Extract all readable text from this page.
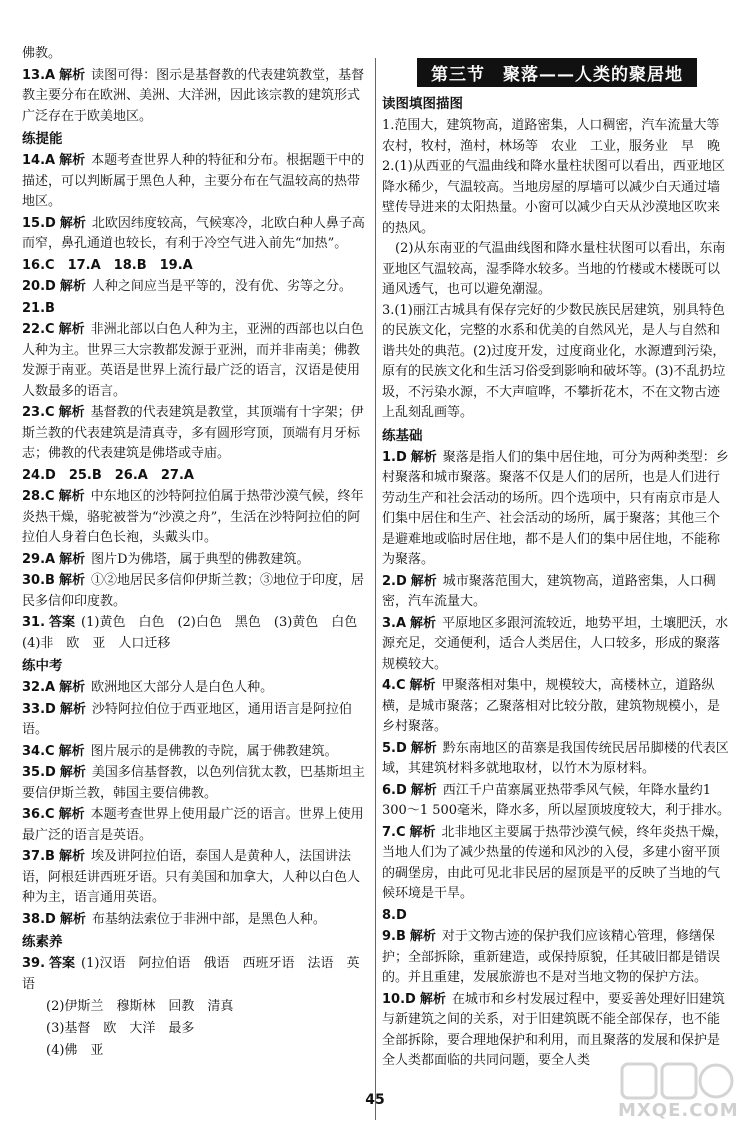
佛教。
13.A 解析 读图可得：图示是基督教的代表建筑教堂，基督教主要分布在欧洲、美洲、大洋洲，因此该宗教的建筑形式广泛存在于欧美地区。
练提能
14.A 解析 本题考查世界人种的特征和分布。根据题干中的描述，可以判断属于黑色人种，主要分布在气温较高的热带地区。
15.D 解析 北欧因纬度较高，气候寒冷，北欧白种人鼻子高而窄，鼻孔通道也较长，有利于冷空气进入前先“加热”。
16.C　17.A　18.B　19.A
20.D 解析 人种之间应当是平等的，没有优、劣等之分。
21.B
22.C 解析 非洲北部以白色人种为主，亚洲的西部也以白色人种为主。世界三大宗教都发源于亚洲，而并非南美；佛教发源于南亚。英语是世界上流行最广泛的语言，汉语是使用人数最多的语言。
23.C 解析 基督教的代表建筑是教堂，其顶端有十字架；伊斯兰教的代表建筑是清真寺，多有圆形穹顶，顶端有月牙标志；佛教的代表建筑是佛塔或寺庙。
24.D　25.B　26.A　27.A
28.C 解析 中东地区的沙特阿拉伯属于热带沙漠气候，终年炎热干燥，骆驼被誉为“沙漠之舟”，生活在沙特阿拉伯的阿拉伯人身着白色长袍，头戴头巾。
29.A 解析 图片D为佛塔，属于典型的佛教建筑。
30.B 解析 ①②地居民多信仰伊斯兰教；③地位于印度，居民多信仰印度教。
31. 答案 (1)黄色　白色　(2)白色　黑色　(3)黄色　白色　(4)非　欧　亚　人口迁移
练中考
32.A 解析 欧洲地区大部分人是白色人种。
33.D 解析 沙特阿拉伯位于西亚地区，通用语言是阿拉伯语。
34.C 解析 图片展示的是佛教的寺院，属于佛教建筑。
35.D 解析 美国多信基督教，以色列信犹太教，巴基斯坦主要信伊斯兰教，韩国主要信佛教。
36.C 解析 本题考查世界上使用最广泛的语言。世界上使用最广泛的语言是英语。
37.B 解析 埃及讲阿拉伯语，泰国人是黄种人，法国讲法语，阿根廷讲西班牙语。只有美国和加拿大，人种以白色人种为主，语言通用英语。
38.D 解析 布基纳法索位于非洲中部，是黑色人种。
练素养
39. 答案 (1)汉语　阿拉伯语　俄语　西班牙语　法语　英语
(2)伊斯兰　穆斯林　回教　清真
(3)基督　欧　大洋　最多
(4)佛　亚
第三节　聚落——人类的聚居地
读图填图描图
1.范围大，建筑物高，道路密集，人口稠密，汽车流量大等　农村，牧村，渔村，林场等　农业　工业，服务业　早　晚
2.(1)从西亚的气温曲线和降水量柱状图可以看出，西亚地区降水稀少，气温较高。当地房屋的厚墙可以减少白天通过墙壁传导进来的太阳热量。小窗可以减少白天从沙漠地区吹来的热风。
　(2)从东南亚的气温曲线图和降水量柱状图可以看出，东南亚地区气温较高，湿季降水较多。当地的竹楼或木楼既可以通风透气，也可以避免潮湿。
3.(1)丽江古城具有保存完好的少数民族民居建筑，别具特色的民族文化，完整的水系和优美的自然风光，是人与自然和谐共处的典范。(2)过度开发，过度商业化，水源遭到污染，原有的民族文化和生活习俗受到影响和破坏等。(3)不乱扔垃圾，不污染水源，不大声喧哗，不攀折花木，不在文物古迹上乱刻乱画等。
练基础
1.D 解析 聚落是指人们的集中居住地，可分为两种类型：乡村聚落和城市聚落。聚落不仅是人们的居所，也是人们进行劳动生产和社会活动的场所。四个选项中，只有南京市是人们集中居住和生产、社会活动的场所，属于聚落；其他三个是避难地或临时居住地，都不是人们的集中居住地，不能称为聚落。
2.D 解析 城市聚落范围大，建筑物高，道路密集，人口稠密，汽车流量大。
3.A 解析 平原地区多跟河流较近，地势平坦，土壤肥沃，水源充足，交通便利，适合人类居住，人口较多，形成的聚落规模较大。
4.C 解析 甲聚落相对集中，规模较大，高楼林立，道路纵横，是城市聚落；乙聚落相对比较分散，建筑物规模小，是乡村聚落。
5.D 解析 黔东南地区的苗寨是我国传统民居吊脚楼的代表区域，其建筑材料多就地取材，以竹木为原材料。
6.D 解析 西江千户苗寨属亚热带季风气候，年降水量约1 300～1 500毫米，降水多，所以屋顶坡度较大，利于排水。
7.C 解析 北非地区主要属于热带沙漠气候，终年炎热干燥，当地人们为了减少热量的传递和风沙的入侵，多建小窗平顶的碉堡房，由此可见北非民居的屋顶是平的反映了当地的气候环境是干旱。
8.D
9.B 解析 对于文物古迹的保护我们应该精心管理，修缮保护；全部拆除，重新建造，或保持原貌，任其破旧都是错误的。并且重建，发展旅游也不是对当地文物的保护方法。
10.D 解析 在城市和乡村发展过程中，要妥善处理好旧建筑与新建筑之间的关系，对于旧建筑既不能全部保存，也不能全部拆除，要合理地保护和利用，而且聚落的发展和保护是全人类都面临的共同问题，要全人类
45	MXQE.COM
